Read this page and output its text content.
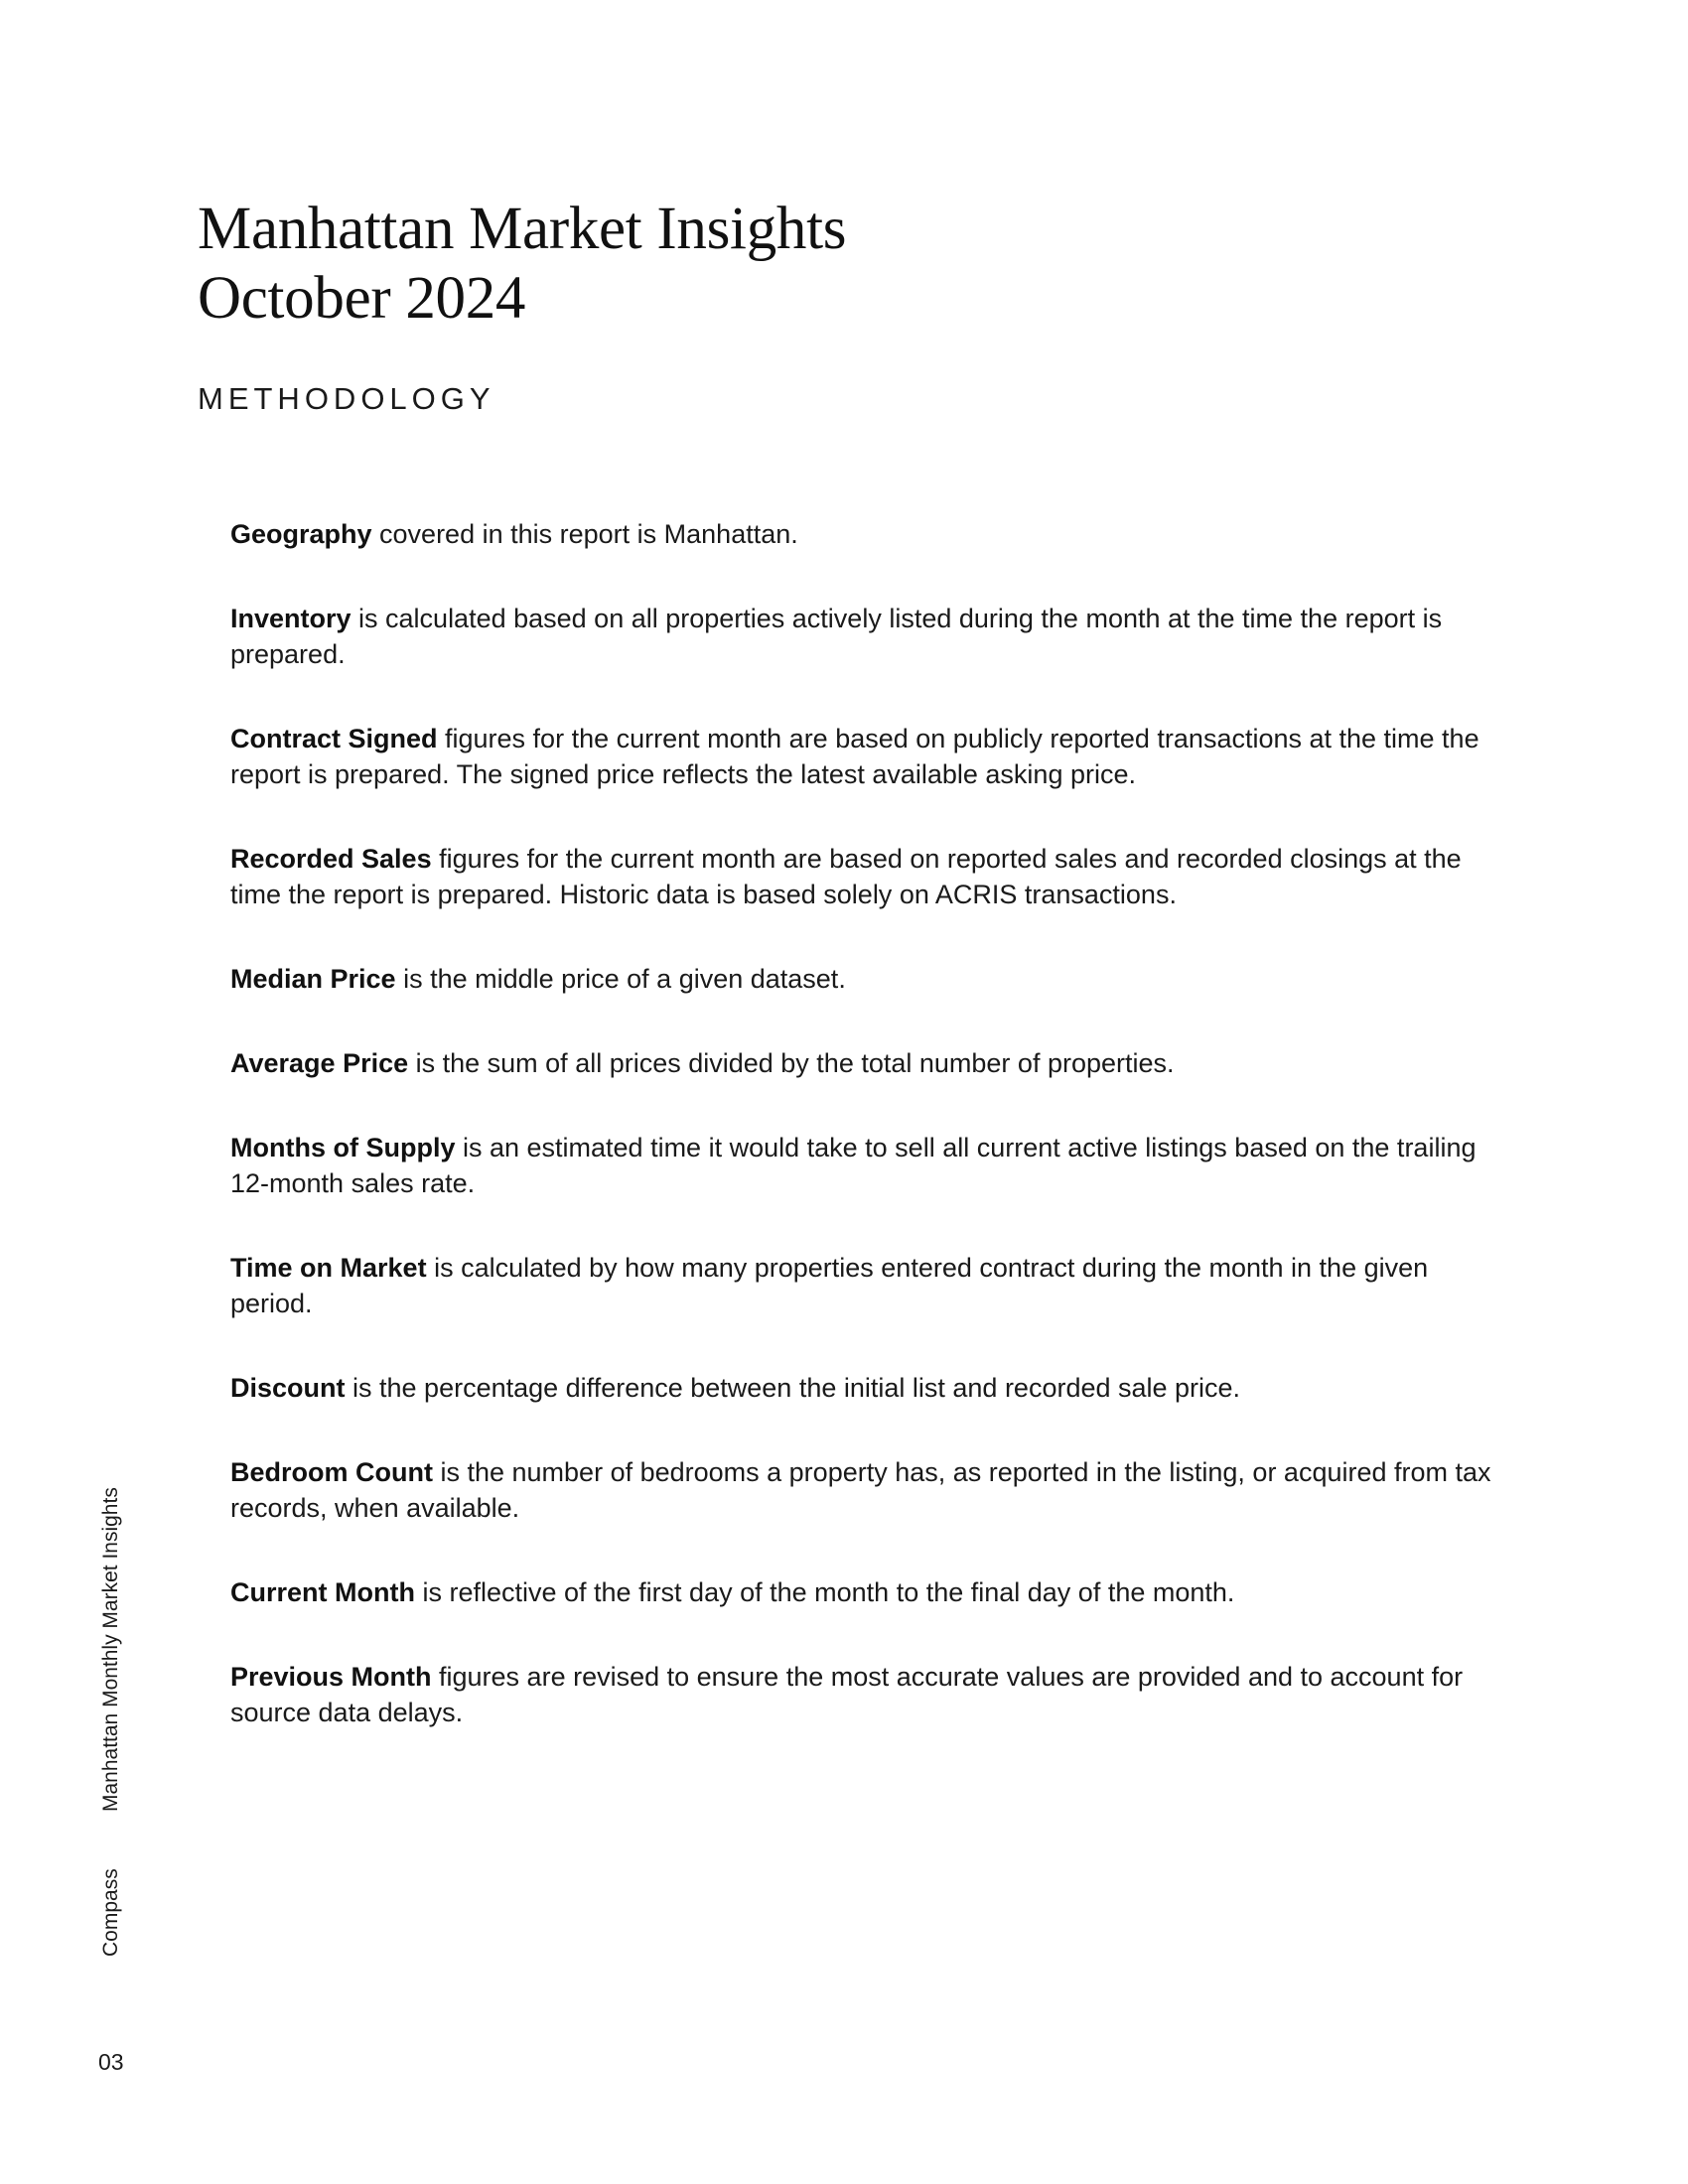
Manhattan Market Insights
October 2024
METHODOLOGY
Geography covered in this report is Manhattan.
Inventory is calculated based on all properties actively listed during the month at the time the report is prepared.
Contract Signed figures for the current month are based on publicly reported transactions at the time the report is prepared. The signed price reflects the latest available asking price.
Recorded Sales figures for the current month are based on reported sales and recorded closings at the time the report is prepared. Historic data is based solely on ACRIS transactions.
Median Price is the middle price of a given dataset.
Average Price is the sum of all prices divided by the total number of properties.
Months of Supply is an estimated time it would take to sell all current active listings based on the trailing 12-month sales rate.
Time on Market is calculated by how many properties entered contract during the month in the given period.
Discount is the percentage difference between the initial list and recorded sale price.
Bedroom Count is the number of bedrooms a property has, as reported in the listing, or acquired from tax records, when available.
Current Month is reflective of the first day of the month to the final day of the month.
Previous Month figures are revised to ensure the most accurate values are provided and to account for source data delays.
Manhattan Monthly Market Insights
Compass
03
